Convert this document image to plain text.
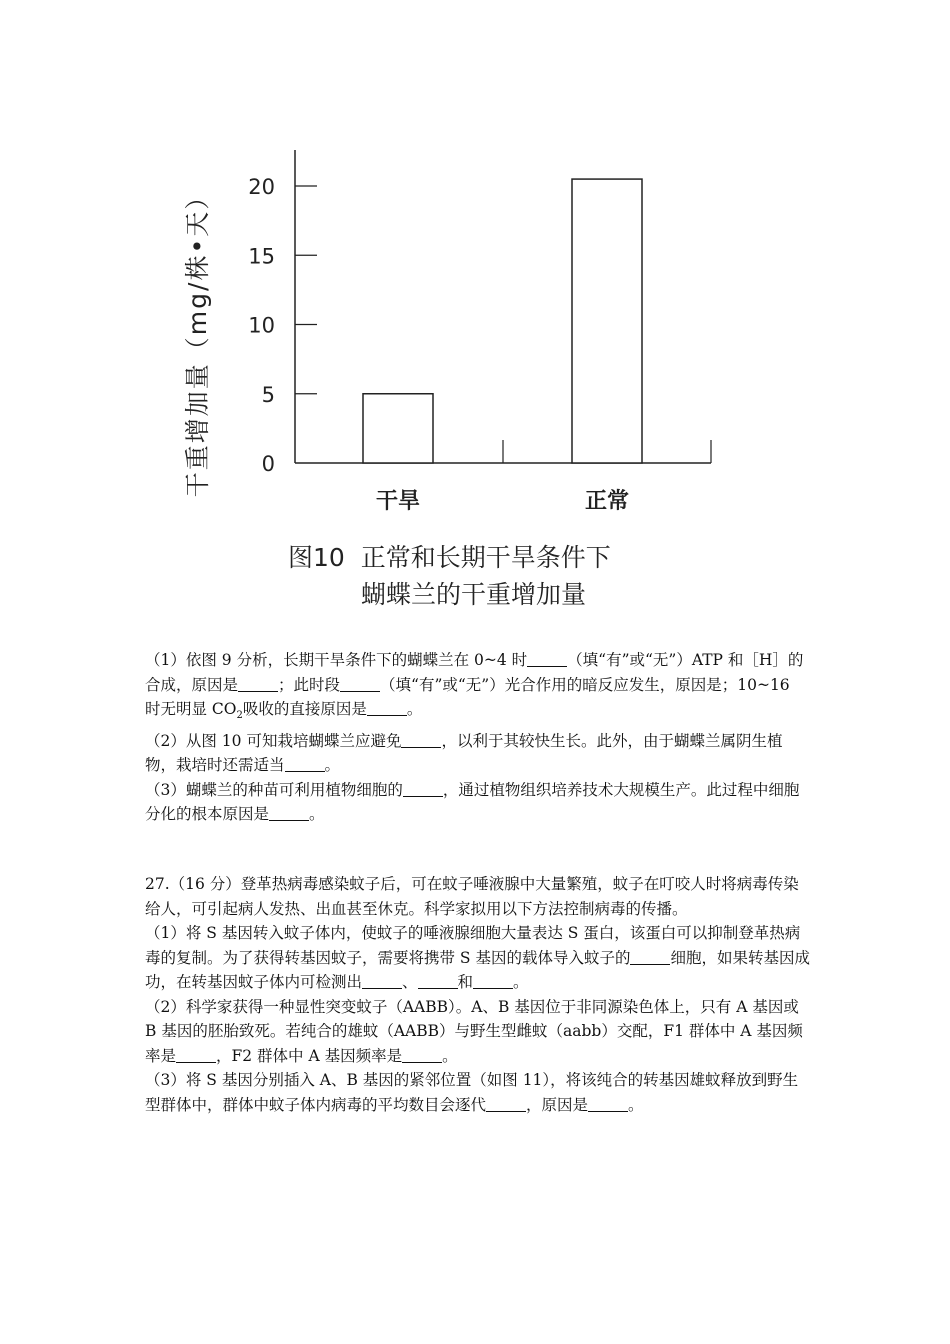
0
5
10
15
20
干旱	正常
干重增加量（mg/株•天）
图10  正常和长期干旱条件下
蝴蝶兰的干重增加量

（1）依图 9 分析，长期干旱条件下的蝴蝶兰在 0~4 时	（填“有”或“无”）ATP 和［H］的合成，原因是	；此时段	（填“有”或“无”）光合作用的暗反应发生，原因是；10~16 时无明显 $CO_2$吸收的直接原因是	。

（2）从图 10 可知栽培蝴蝶兰应避免	，以利于其较快生长。此外，由于蝴蝶兰属阴生植物，栽培时还需适当	。

（3）蝴蝶兰的种苗可利用植物细胞的	，通过植物组织培养技术大规模生产。此过程中细胞分化的根本原因是	。

27.（16 分）登革热病毒感染蚊子后，可在蚊子唾液腺中大量繁殖，蚊子在叮咬人时将病毒传染给人，可引起病人发热、出血甚至休克。科学家拟用以下方法控制病毒的传播。

（1）将 S 基因转入蚊子体内，使蚊子的唾液腺细胞大量表达 S 蛋白，该蛋白可以抑制登革热病毒的复制。为了获得转基因蚊子，需要将携带 S 基因的载体导入蚊子的	细胞，如果转基因成功，在转基因蚊子体内可检测出	、	和	。

（2）科学家获得一种显性突变蚊子（AABB）。A、B 基因位于非同源染色体上，只有 A 基因或 B 基因的胚胎致死。若纯合的雄蚊（AABB）与野生型雌蚊（aabb）交配，F1 群体中 A 基因频率是	，F2 群体中 A 基因频率是	。

（3）将 S 基因分别插入 A、B 基因的紧邻位置（如图 11），将该纯合的转基因雄蚊释放到野生型群体中，群体中蚊子体内病毒的平均数目会逐代	，原因是	。
